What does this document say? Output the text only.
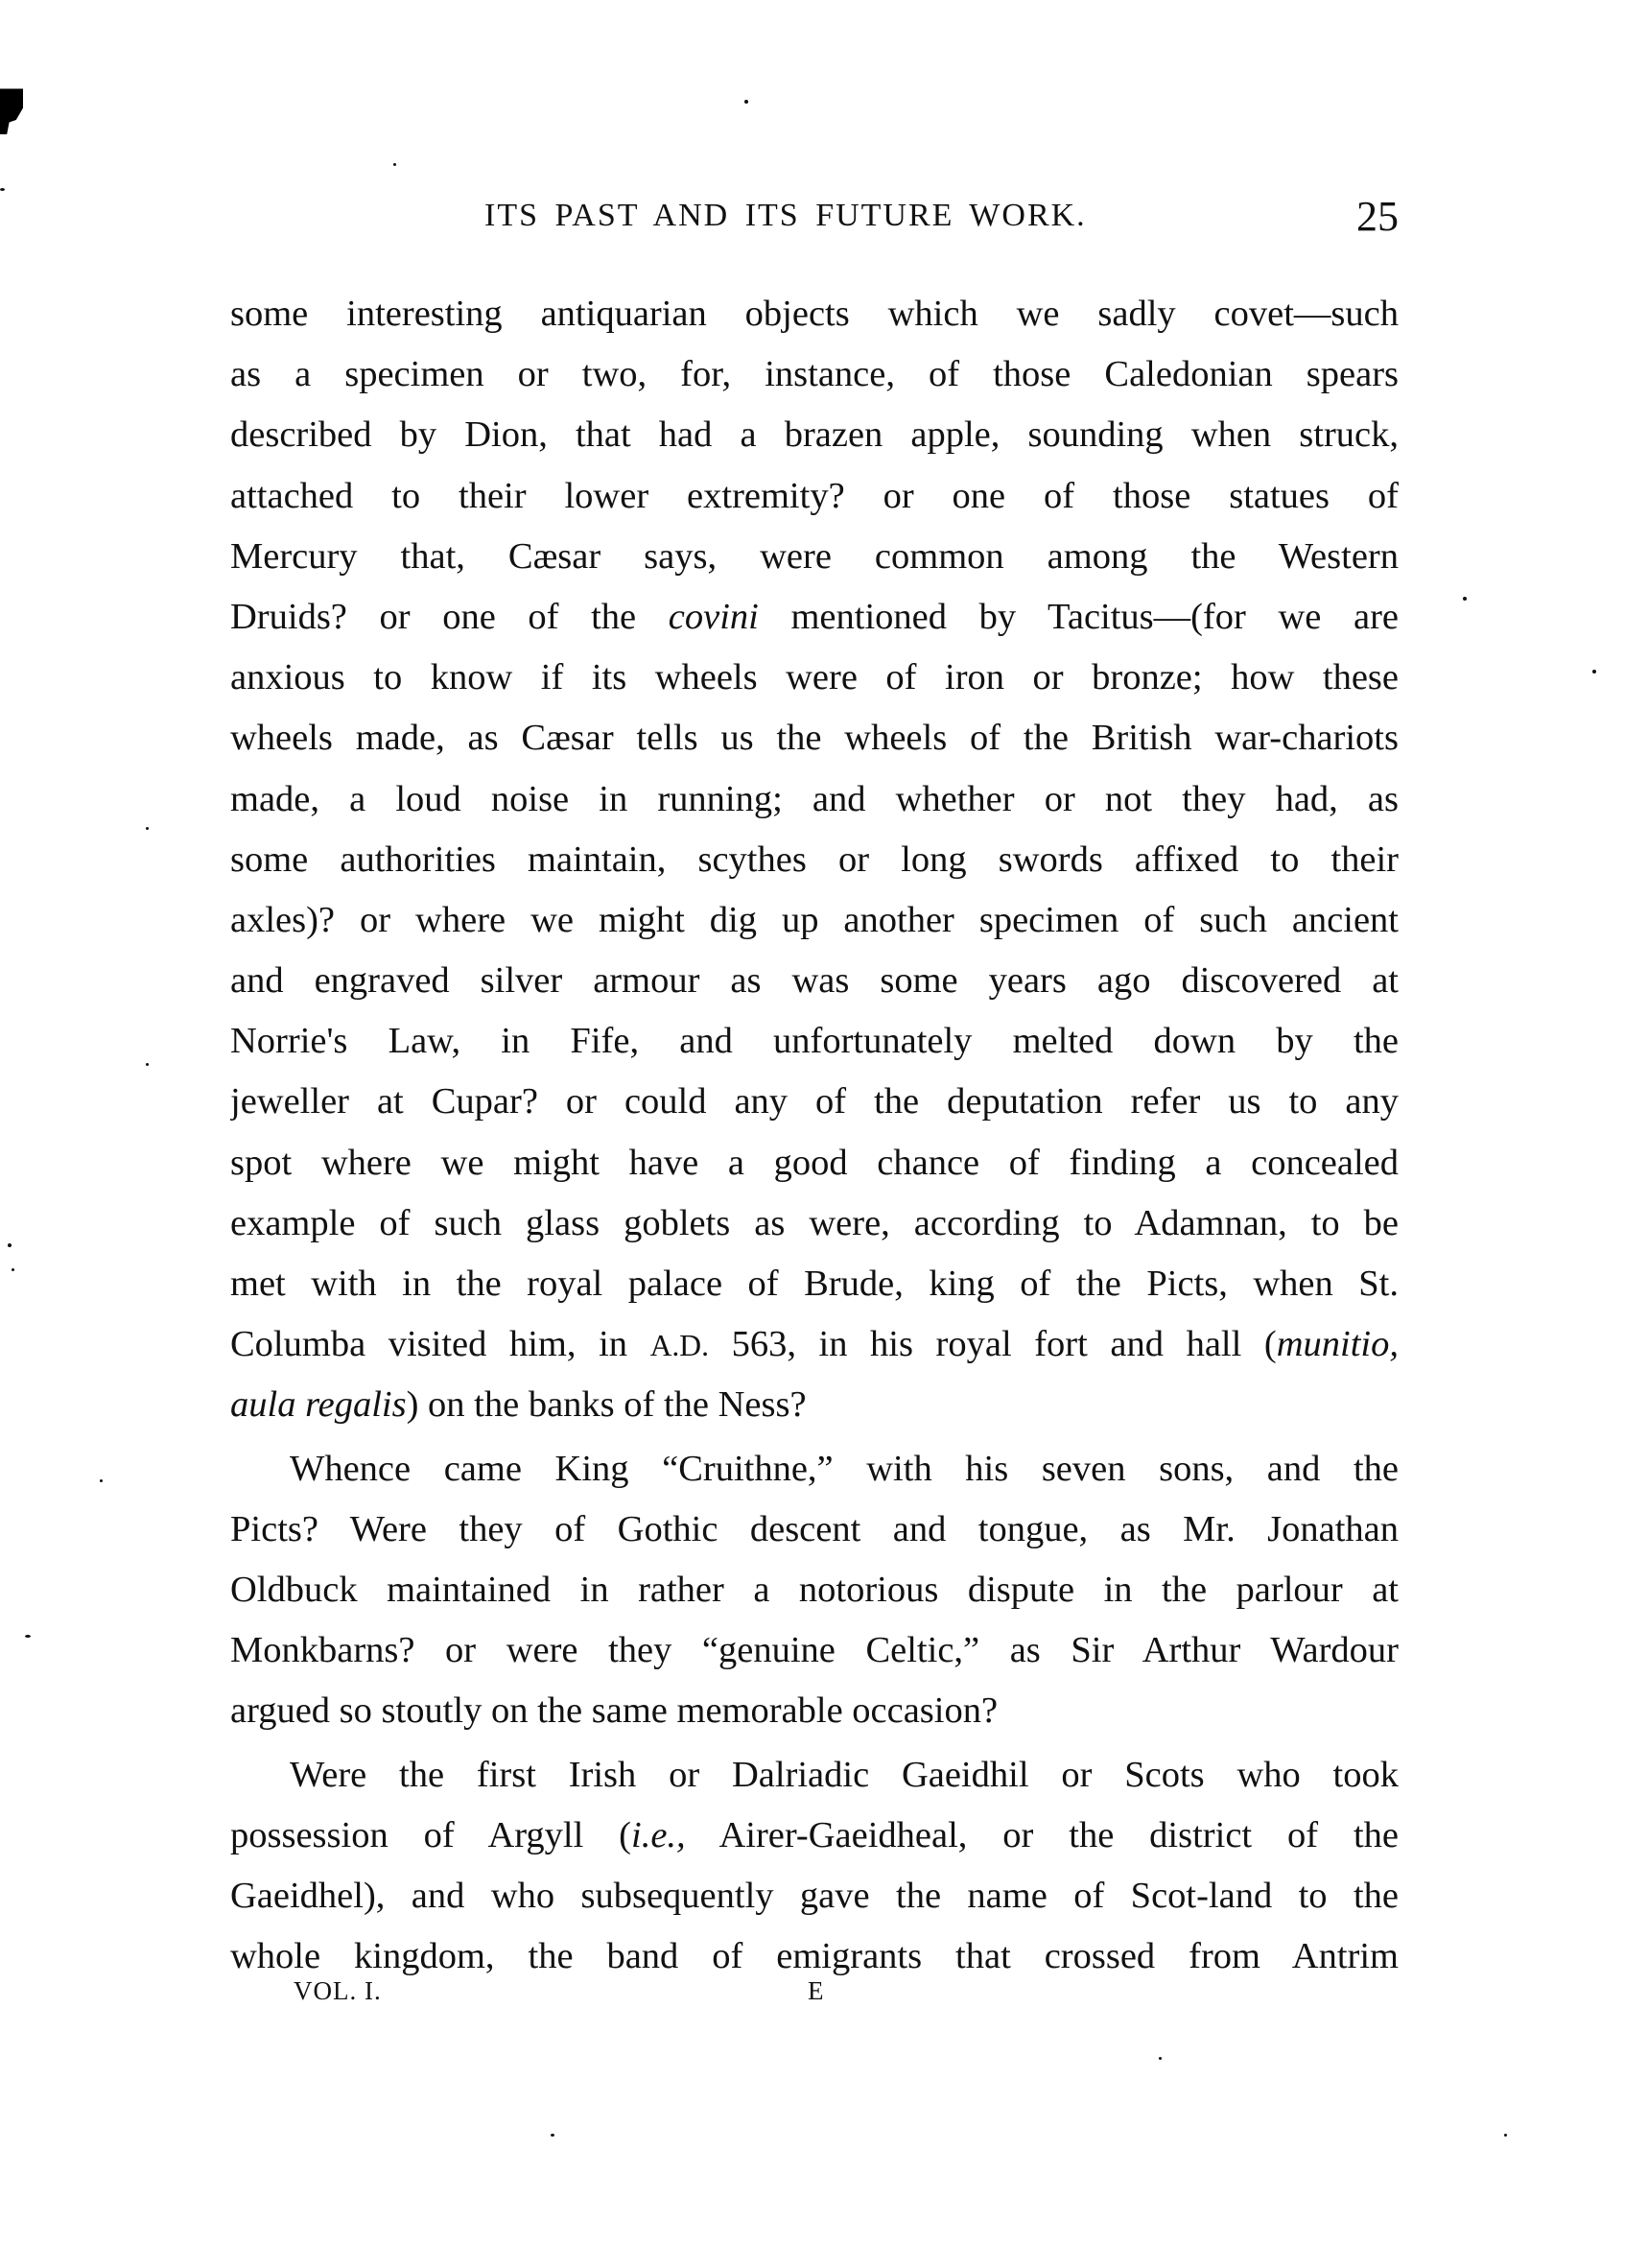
ITS PAST AND ITS FUTURE WORK.	25
some interesting antiquarian objects which we sadly covet—such
as a specimen or two, for, instance, of those Caledonian spears
described by Dion, that had a brazen apple, sounding when struck,
attached to their lower extremity? or one of those statues of
Mercury that, Cæsar says, were common among the Western
Druids? or one of the covini mentioned by Tacitus—(for we are
anxious to know if its wheels were of iron or bronze; how these
wheels made, as Cæsar tells us the wheels of the British war-chariots
made, a loud noise in running; and whether or not they had, as
some authorities maintain, scythes or long swords affixed to their
axles)? or where we might dig up another specimen of such ancient
and engraved silver armour as was some years ago discovered at
Norrie's Law, in Fife, and unfortunately melted down by the
jeweller at Cupar? or could any of the deputation refer us to any
spot where we might have a good chance of finding a concealed
example of such glass goblets as were, according to Adamnan, to be
met with in the royal palace of Brude, king of the Picts, when St.
Columba visited him, in A.D. 563, in his royal fort and hall (munitio,
aula regalis) on the banks of the Ness?
Whence came King “Cruithne,” with his seven sons, and the
Picts? Were they of Gothic descent and tongue, as Mr. Jonathan
Oldbuck maintained in rather a notorious dispute in the parlour at
Monkbarns? or were they “genuine Celtic,” as Sir Arthur Wardour
argued so stoutly on the same memorable occasion?
Were the first Irish or Dalriadic Gaeidhil or Scots who took
possession of Argyll (i.e., Airer-Gaeidheal, or the district of the
Gaeidhel), and who subsequently gave the name of Scot-land to the
whole kingdom, the band of emigrants that crossed from Antrim
VOL. I.	E
